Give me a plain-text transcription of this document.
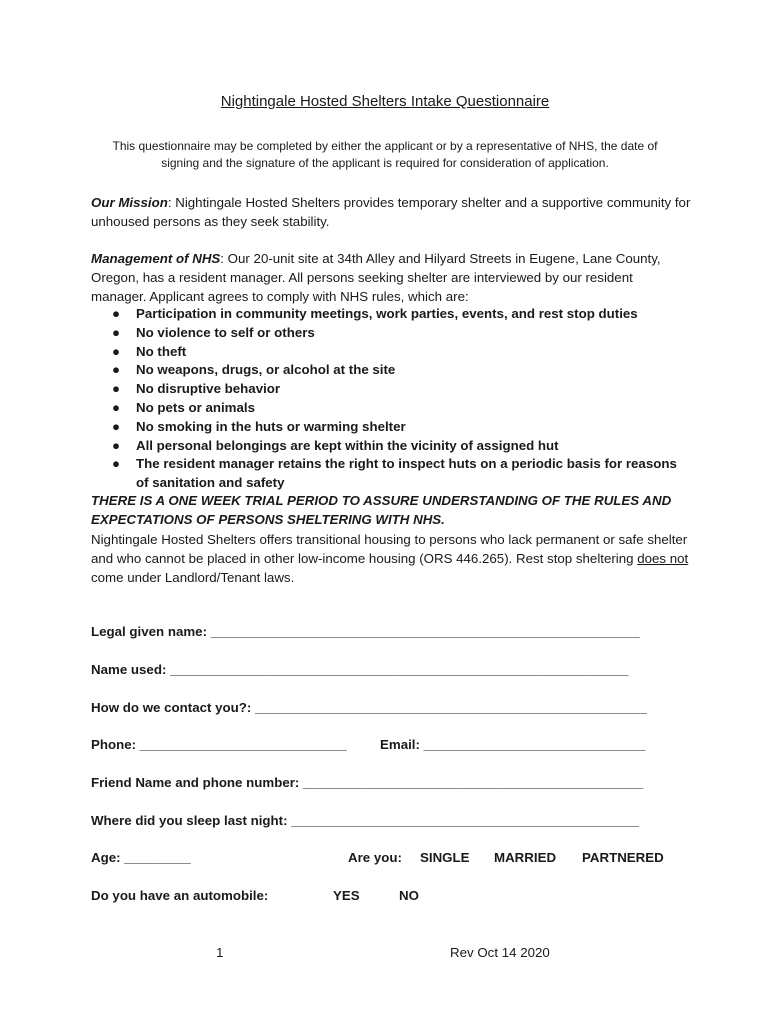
Nightingale Hosted Shelters Intake Questionnaire
This questionnaire may be completed by either the applicant or by a representative of NHS, the date of signing and the signature of the applicant is required for consideration of application.
Our Mission: Nightingale Hosted Shelters provides temporary shelter and a supportive community for unhoused persons as they seek stability.
Management of NHS: Our 20-unit site at 34th Alley and Hilyard Streets in Eugene, Lane County, Oregon, has a resident manager. All persons seeking shelter are interviewed by our resident manager. Applicant agrees to comply with NHS rules, which are:
● Participation in community meetings, work parties, events, and rest stop duties
● No violence to self or others
● No theft
● No weapons, drugs, or alcohol at the site
● No disruptive behavior
● No pets or animals
● No smoking in the huts or warming shelter
● All personal belongings are kept within the vicinity of assigned hut
● The resident manager retains the right to inspect huts on a periodic basis for reasons of sanitation and safety
THERE IS A ONE WEEK TRIAL PERIOD TO ASSURE UNDERSTANDING OF THE RULES AND EXPECTATIONS OF PERSONS SHELTERING WITH NHS.
Nightingale Hosted Shelters offers transitional housing to persons who lack permanent or safe shelter and who cannot be placed in other low-income housing (ORS 446.265). Rest stop sheltering does not come under Landlord/Tenant laws.
Legal given name: __________________________________________________________
Name used: ______________________________________________________________
How do we contact you?: _____________________________________________________
Phone: ____________________________ Email: ______________________________
Friend Name and phone number: ______________________________________________
Where did you sleep last night: _______________________________________________
Age: _________	Are you: SINGLE MARRIED PARTNERED
Do you have an automobile:	YES	NO
1	Rev Oct 14 2020
